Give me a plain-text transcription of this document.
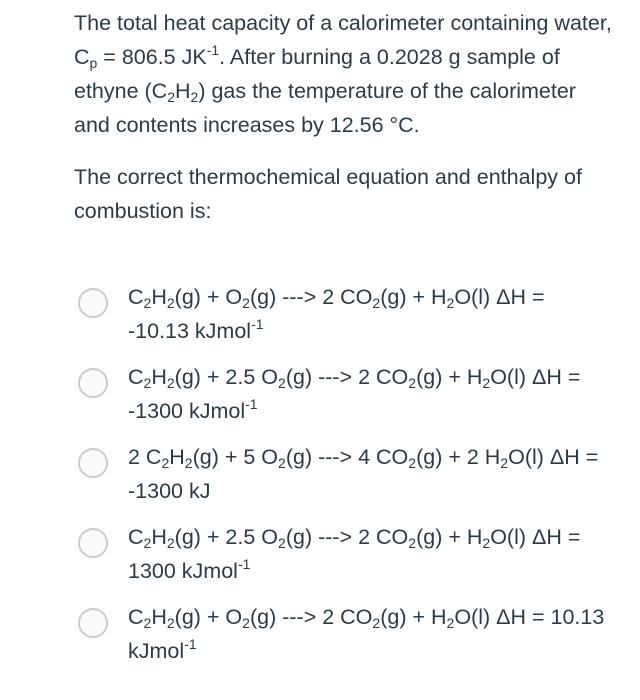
The total heat capacity of a calorimeter containing water, $C_p = 806.5$ $JK^{-1}$. After burning a 0.2028 g sample of ethyne $(C_2H_2)$ gas the temperature of the calorimeter and contents increases by 12.56 °C.

The correct thermochemical equation and enthalpy of combustion is:

$C_2H_2(g) + O_2(g)$ ---> 2 $CO_2(g) + H_2O(l) \Delta H = -10.13$ kJmol$^{-1}$
$C_2H_2(g) + 2.5$ $O_2(g)$ ---> 2 $CO_2(g) + H_2O(l) \Delta H = -1300$ kJmol$^{-1}$
2 $C_2H_2(g) + 5$ $O_2(g)$ ---> 4 $CO_2(g) + 2$ $H_2O(l) \Delta H = -1300$ kJ
$C_2H_2(g) + 2.5$ $O_2(g)$ ---> 2 $CO_2(g) + H_2O(l) \Delta H = 1300$ kJmol$^{-1}$
$C_2H_2(g) + O_2(g)$ ---> 2 $CO_2(g) + H_2O(l) \Delta H = 10.13$ kJmol$^{-1}$
